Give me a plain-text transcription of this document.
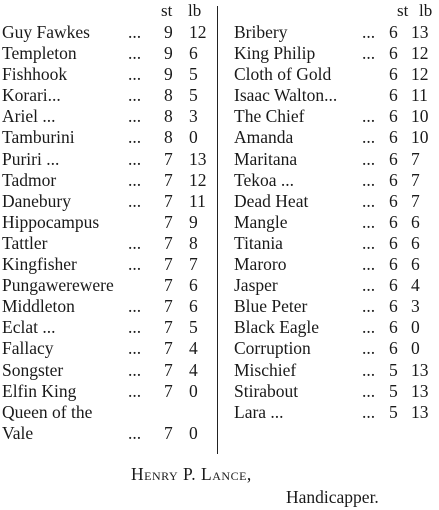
st lb	st lb
Guy Fawkes ... 9 12
Templeton	... 9 6
Fishhook	... 9 5
Korari...	... 8 5
Ariel ...	... 8 3
Tamburini	... 8 0
Puriri ...	... 7 13
Tadmor	... 7 12
Danebury	... 7 11
Hippocampus	7 9
Tattler	... 7 8
Kingfisher	... 7 7
Pungawerewere	7 6
Middleton	... 7 6
Eclat ...	... 7 5
Fallacy	... 7 4
Songster	... 7 4
Elfin King	... 7 0
Queen of the
Vale	... 7 0
Bribery	... 6 13
King Philip	... 6 12
Cloth of Gold	6 12
Isaac Walton...	6 11
The Chief	... 6 10
Amanda	... 6 10
Maritana	... 6 7
Tekoa ...	... 6 7
Dead Heat	... 6 7
Mangle	... 6 6
Titania	... 6 6
Maroro	... 6 6
Jasper	... 6 4
Blue Peter	... 6 3
Black Eagle ... 6 0
Corruption	... 6 0
Mischief	... 5 13
Stirabout	... 5 13
Lara ...	... 5 13
Henry P. Lance,
Handicapper.
